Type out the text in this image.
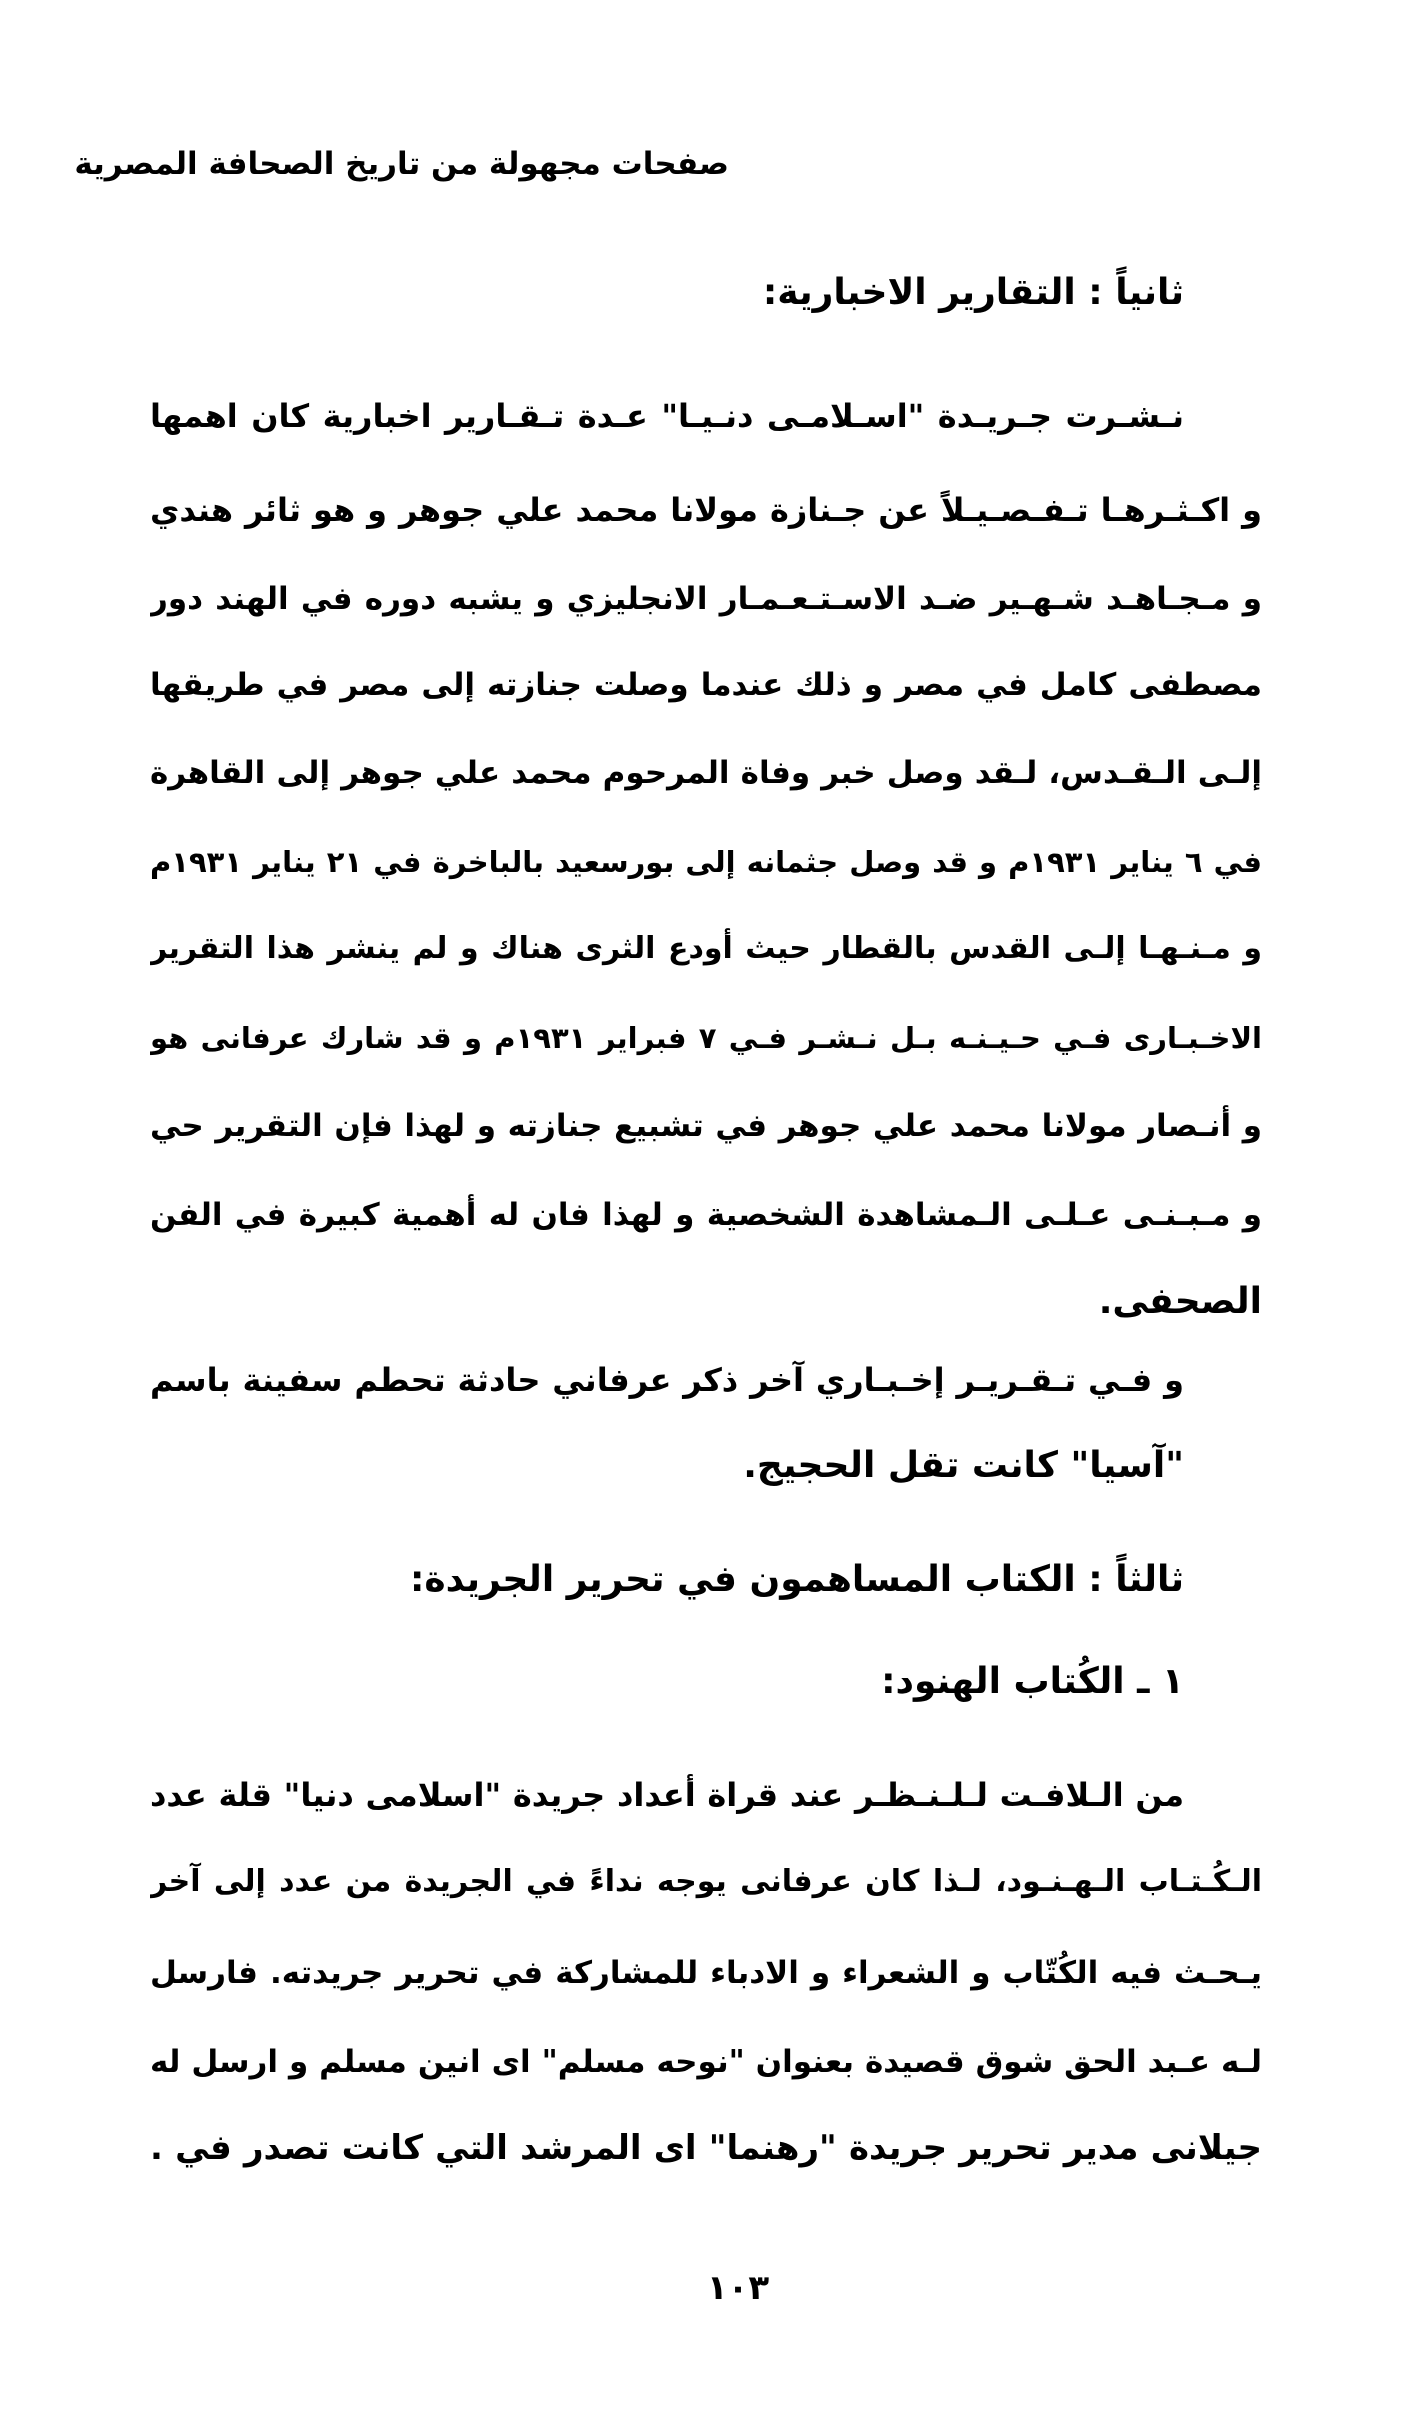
صفحات مجهولة من تاريخ الصحافة المصرية
ثانياً : التقارير الاخبارية:
نـشـرت جـريـدة "اسـلامـى دنـيـا" عـدة تـقـارير اخبارية كان اهمها
و اكـثـرهـا تـفـصـيـلاً عن جـنازة مولانا محمد علي جوهر و هو ثائر هندي
و مـجـاهـد شـهـير ضـد الاسـتـعـمـار الانجليزي و يشبه دوره في الهند دور
مصطفى كامل في مصر و ذلك عندما وصلت جنازته إلى مصر في طريقها
إلـى الـقـدس، لـقد وصل خبر وفاة المرحوم محمد علي جوهر إلى القاهرة
في ٦ يناير ١٩٣١م و قد وصل جثمانه إلى بورسعيد بالباخرة في ٢١ يناير ١٩٣١م
و مـنـهـا إلـى القدس بالقطار حيث أودع الثرى هناك و لم ينشر هذا التقرير
الاخـبـارى فـي حـيـنـه بـل نـشـر فـي ٧ فبراير ١٩٣١م و قد شارك عرفانى هو
و أنـصار مولانا محمد علي جوهر في تشبيع جنازته و لهذا فإن التقرير حي
و مـبـنـى عـلـى الـمشاهدة الشخصية و لهذا فان له أهمية كبيرة في الفن
الصحفى.
و فـي تـقـريـر إخـبـاري آخر ذكر عرفاني حادثة تحطم سفينة باسم
"آسيا" كانت تقل الحجيج.
ثالثاً : الكتاب المساهمون في تحرير الجريدة:
١ ـ الكُتاب الهنود:
من الـلافـت لـلـنـظـر عند قراة أعداد جريدة "اسلامى دنيا" قلة عدد
الـكُـتـاب الـهـنـود، لـذا كان عرفانى يوجه نداءً في الجريدة من عدد إلى آخر
يـحـث فيه الكُتّاب و الشعراء و الادباء للمشاركة في تحرير جريدته. فارسل
لـه عـبد الحق شوق قصيدة بعنوان "نوحه مسلم" اى انين مسلم و ارسل له
جيلانى مدير تحرير جريدة "رهنما" اى المرشد التي كانت تصدر في .
١٠٣
